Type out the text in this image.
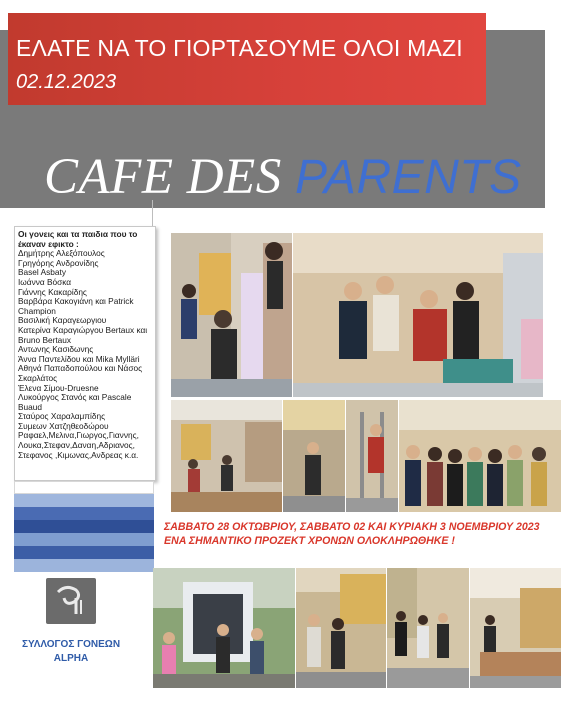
ΕΛΑΤΕ ΝΑ ΤΟ ΓΙΟΡΤΑΣΟΥΜΕ ΟΛΟΙ ΜΑΖΙ
02.12.2023
CAFE DES PARENTS
Οι γονεις και τα παιδια που το έκαναν εφικτο :
Δημήτρης Αλεξόπουλος
Γρηγόρης Ανδρονίδης
Basel Asbaty
Ιωάννα Βόσκα
Γιάννης Κακαρίδης
Βαρβάρα Κακογιάνη και Patrick Champion
Βασιλική Καραγεωργιου
Κατερίνα Καραγιώργου Bertaux και Bruno Bertaux
Αντωνης Κασιδωνης
Άννα Παντελίδου και Mika Mylläri
Αθηνά Παπαδοπούλου και Νάσος Σκαρλάτος
Έλενα Σίμου-Druesne
Λυκούργος Στανός και Pascale Buaud
Σταύρος Χαραλαμπίδης
Συμεων Χατζηθεοδώρου
Ραφαελ,Μελινα,Γιωργος,Γιαννης, Λουκα,Στεφαν,Δαναη,Αδριανος, Στεφανος ,Κιμωνας,Ανδρεας κ.α.
ΣΥΛΛΟΓΟΣ ΓΟΝΕΩΝ
ALPHA
ΣΑΒΒΑΤΟ 28 ΟΚΤΩΒΡΙΟΥ, ΣΑΒΒΑΤΟ 02 ΚΑΙ ΚΥΡΙΑΚΗ 3 ΝΟΕΜΒΡΙΟΥ 2023
ΕΝΑ ΣΗΜΑΝΤΙΚΟ ΠΡΟΖΕΚΤ ΧΡΟΝΩΝ ΟΛΟΚΛΗΡΩΘΗΚΕ !
